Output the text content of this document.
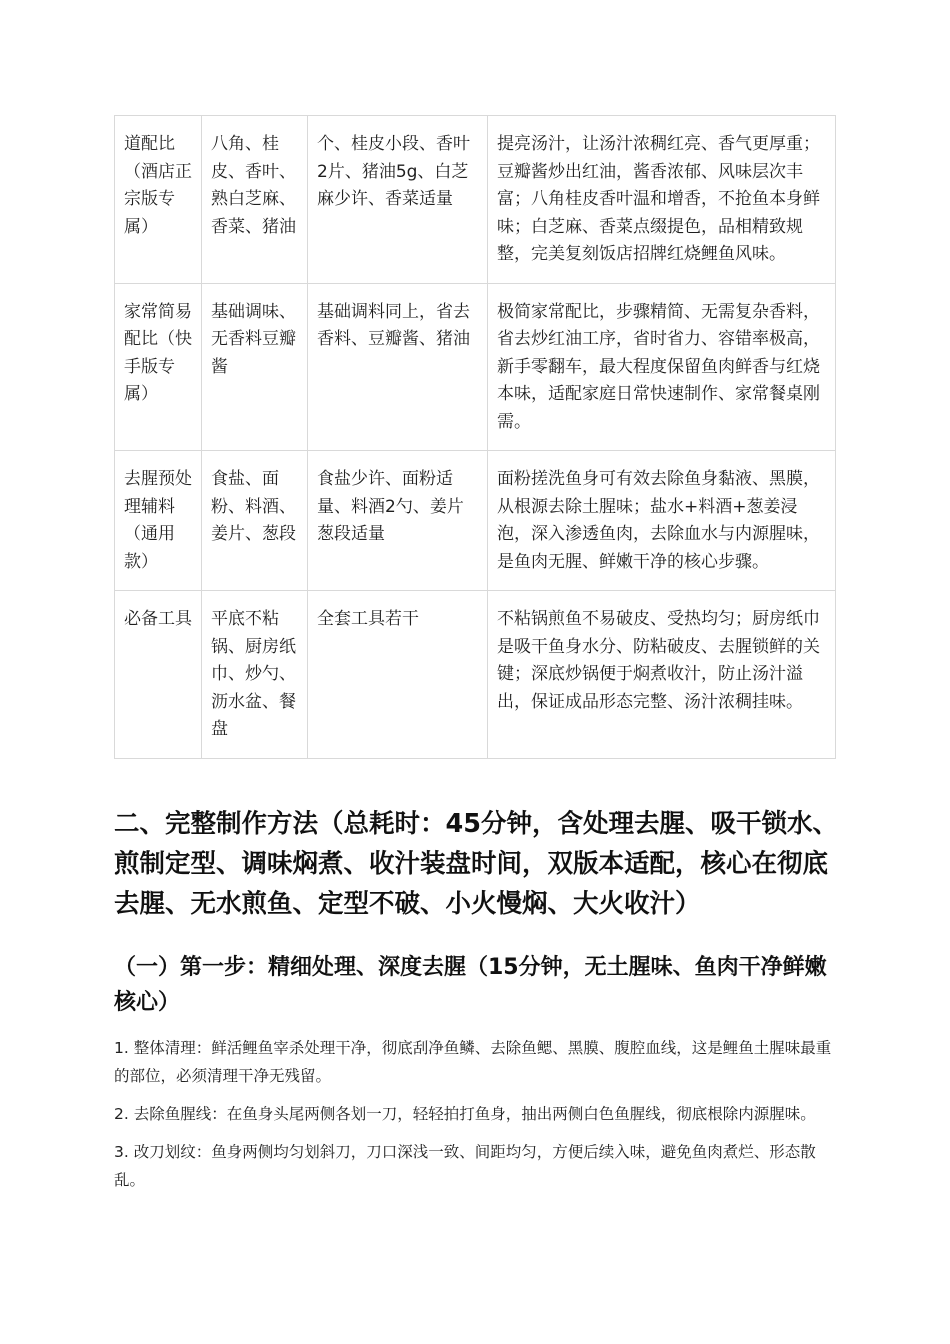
道配比（酒店正宗版专属）	八角、桂皮、香叶、熟白芝麻、香菜、猪油	个、桂皮小段、香叶2片、猪油5g、白芝麻少许、香菜适量	提亮汤汁，让汤汁浓稠红亮、香气更厚重；豆瓣酱炒出红油，酱香浓郁、风味层次丰富；八角桂皮香叶温和增香，不抢鱼本身鲜味；白芝麻、香菜点缀提色，品相精致规整，完美复刻饭店招牌红烧鲤鱼风味。
家常简易配比（快手版专属）	基础调味、无香料豆瓣酱	基础调料同上，省去香料、豆瓣酱、猪油	极简家常配比，步骤精简、无需复杂香料，省去炒红油工序，省时省力、容错率极高，新手零翻车，最大程度保留鱼肉鲜香与红烧本味，适配家庭日常快速制作、家常餐桌刚需。
去腥预处理辅料（通用款）	食盐、面粉、料酒、姜片、葱段	食盐少许、面粉适量、料酒2勺、姜片葱段适量	面粉搓洗鱼身可有效去除鱼身黏液、黑膜，从根源去除土腥味；盐水+料酒+葱姜浸泡，深入渗透鱼肉，去除血水与内源腥味，是鱼肉无腥、鲜嫩干净的核心步骤。
必备工具	平底不粘锅、厨房纸巾、炒勺、沥水盆、餐盘	全套工具若干	不粘锅煎鱼不易破皮、受热均匀；厨房纸巾是吸干鱼身水分、防粘破皮、去腥锁鲜的关键；深底炒锅便于焖煮收汁，防止汤汁溢出，保证成品形态完整、汤汁浓稠挂味。
二、完整制作方法（总耗时：45分钟，含处理去腥、吸干锁水、煎制定型、调味焖煮、收汁装盘时间，双版本适配，核心在彻底去腥、无水煎鱼、定型不破、小火慢焖、大火收汁）
（一）第一步：精细处理、深度去腥（15分钟，无土腥味、鱼肉干净鲜嫩核心）

1. 整体清理：鲜活鲤鱼宰杀处理干净，彻底刮净鱼鳞、去除鱼鳃、黑膜、腹腔血线，这是鲤鱼土腥味最重的部位，必须清理干净无残留。

2. 去除鱼腥线：在鱼身头尾两侧各划一刀，轻轻拍打鱼身，抽出两侧白色鱼腥线，彻底根除内源腥味。

3. 改刀划纹：鱼身两侧均匀划斜刀，刀口深浅一致、间距均匀，方便后续入味，避免鱼肉煮烂、形态散乱。
